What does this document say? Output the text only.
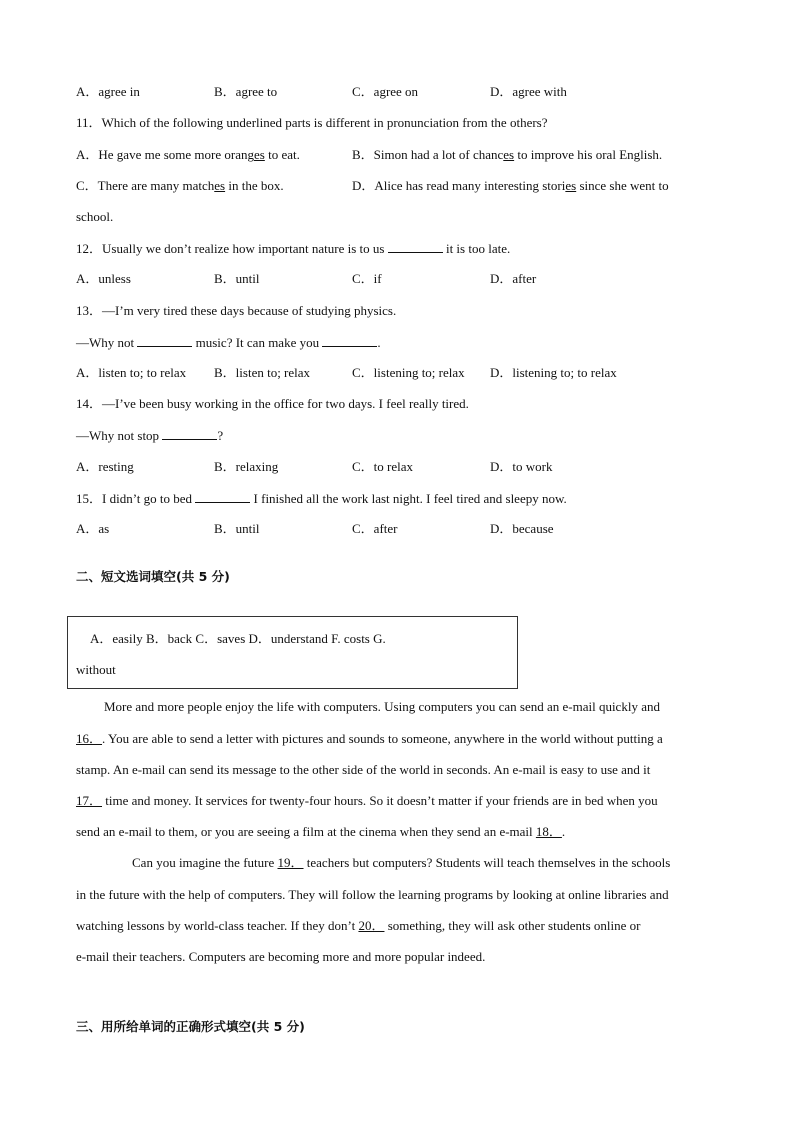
A．agree in	B．agree to	C．agree on	D．agree with
11．Which of the following underlined parts is different in pronunciation from the others?
A．He gave me some more oranges to eat.	B．Simon had a lot of chances to improve his oral English.
C．There are many matches in the box.	D．Alice has read many interesting stories since she went to
school.
12．Usually we don’t realize how important nature is to us	it is too late.
A．unless	B．until	C．if	D．after
13．—I’m very tired these days because of studying physics.
—Why not	music? It can make you	.
A．listen to; to relax B．listen to; relax	C．listening to; relax D．listening to; to relax
14．—I’ve been busy working in the office for two days. I feel really tired.
—Why not stop	?
A．resting	B．relaxing	C．to relax	D．to work
15．I didn’t go to bed	I finished all the work last night. I feel tired and sleepy now.
A．as	B．until	C．after	D．because
二、短文选词填空(共 5 分)
A．easily B．back C．saves D．understand F. costs G.
without
More and more people enjoy the life with computers. Using computers you can send an e-mail quickly and
16．. You are able to send a letter with pictures and sounds to someone, anywhere in the world without putting a
stamp. An e-mail can send its message to the other side of the world in seconds. An e-mail is easy to use and it
17． time and money. It services for twenty-four hours. So it doesn’t matter if your friends are in bed when you
send an e-mail to them, or you are seeing a film at the cinema when they send an e-mail 18．.
Can you imagine the future 19． teachers but computers? Students will teach themselves in the schools
in the future with the help of computers. They will follow the learning programs by looking at online libraries and
watching lessons by world-class teacher. If they don’t 20． something, they will ask other students online or
e-mail their teachers. Computers are becoming more and more popular indeed.
三、用所给单词的正确形式填空(共 5 分)
